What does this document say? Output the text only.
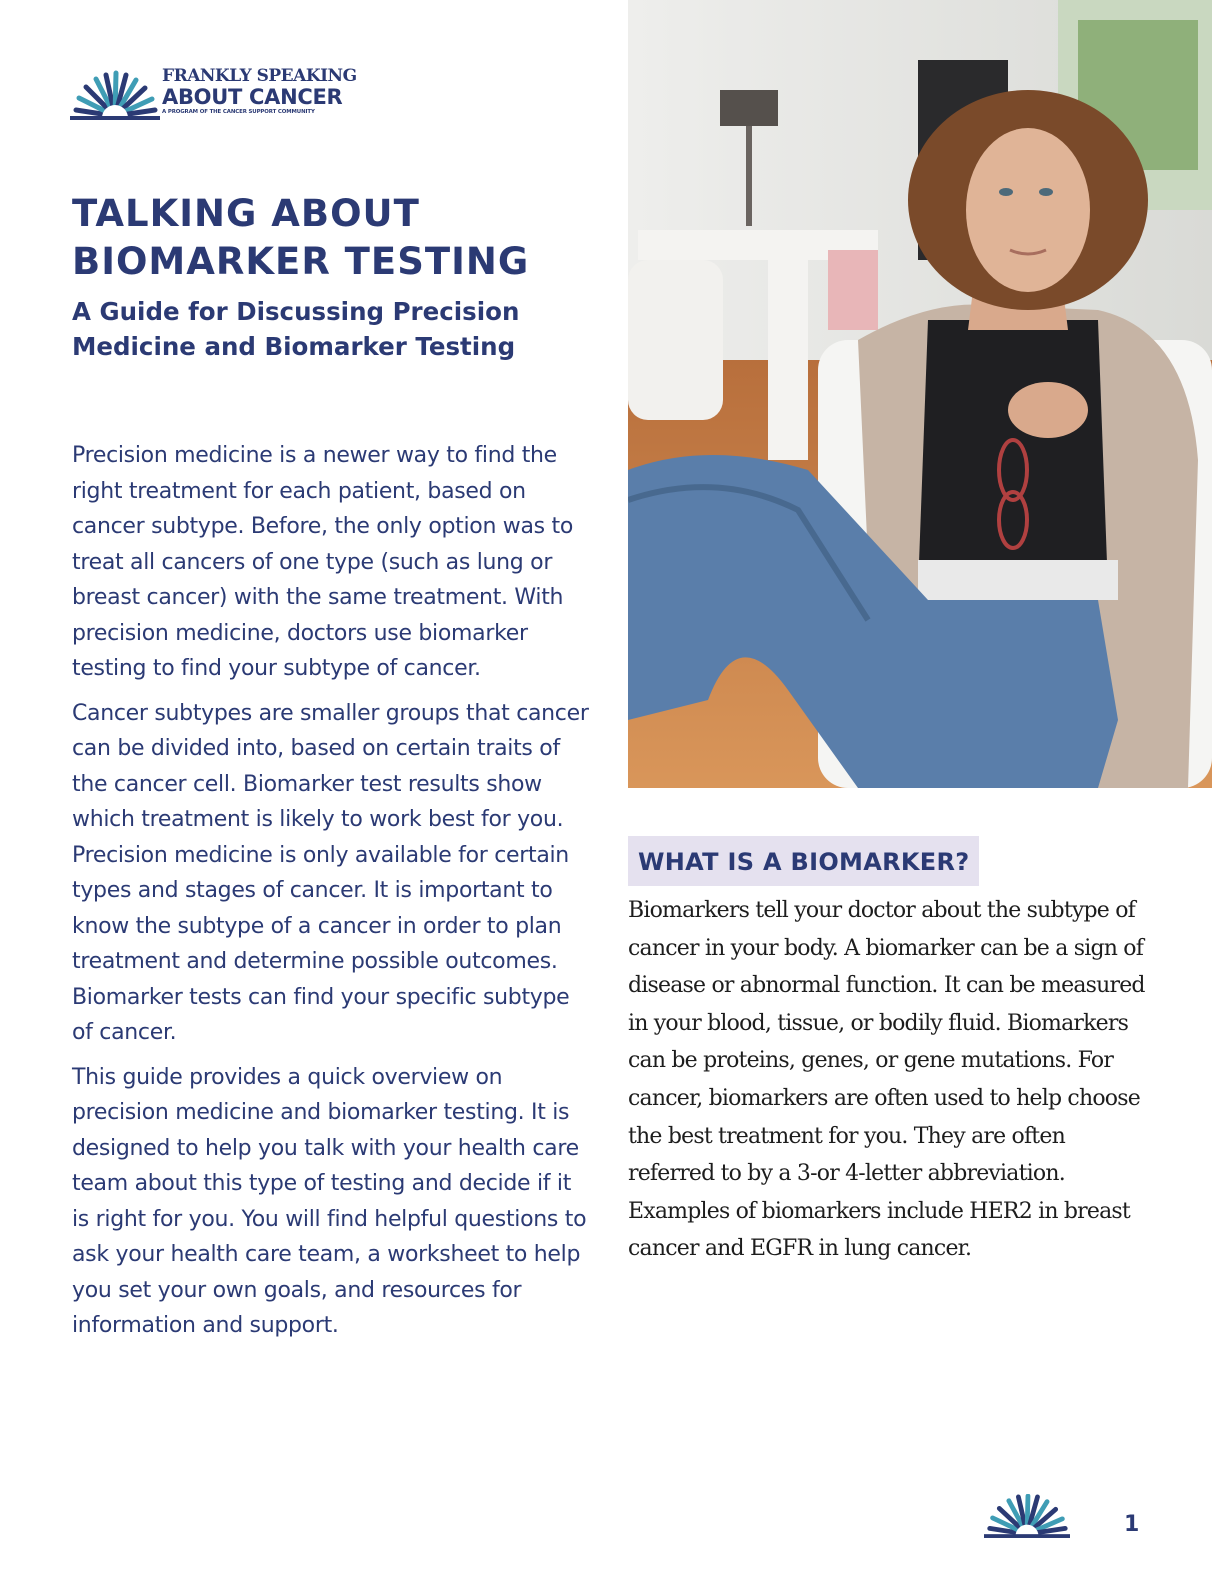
FRANKLY SPEAKING
ABOUT CANCER
A PROGRAM OF THE CANCER SUPPORT COMMUNITY
TALKING ABOUT
BIOMARKER TESTING
A Guide for Discussing Precision
Medicine and Biomarker Testing

Precision medicine is a newer way to find the right treatment for each patient, based on cancer subtype. Before, the only option was to treat all cancers of one type (such as lung or breast cancer) with the same treatment. With precision medicine, doctors use biomarker testing to find your subtype of cancer.

Cancer subtypes are smaller groups that cancer can be divided into, based on certain traits of the cancer cell. Biomarker test results show which treatment is likely to work best for you. Precision medicine is only available for certain types and stages of cancer. It is important to know the subtype of a cancer in order to plan treatment and determine possible outcomes. Biomarker tests can find your specific subtype of cancer.

This guide provides a quick overview on precision medicine and biomarker testing. It is designed to help you talk with your health care team about this type of testing and decide if it is right for you. You will find helpful questions to ask your health care team, a worksheet to help you set your own goals, and resources for information and support.

WHAT IS A BIOMARKER?

Biomarkers tell your doctor about the subtype of cancer in your body. A biomarker can be a sign of disease or abnormal function. It can be measured in your blood, tissue, or bodily fluid. Biomarkers can be proteins, genes, or gene mutations. For cancer, biomarkers are often used to help choose the best treatment for you. They are often referred to by a 3-or 4-letter abbreviation. Examples of biomarkers include HER2 in breast cancer and EGFR in lung cancer.

1
